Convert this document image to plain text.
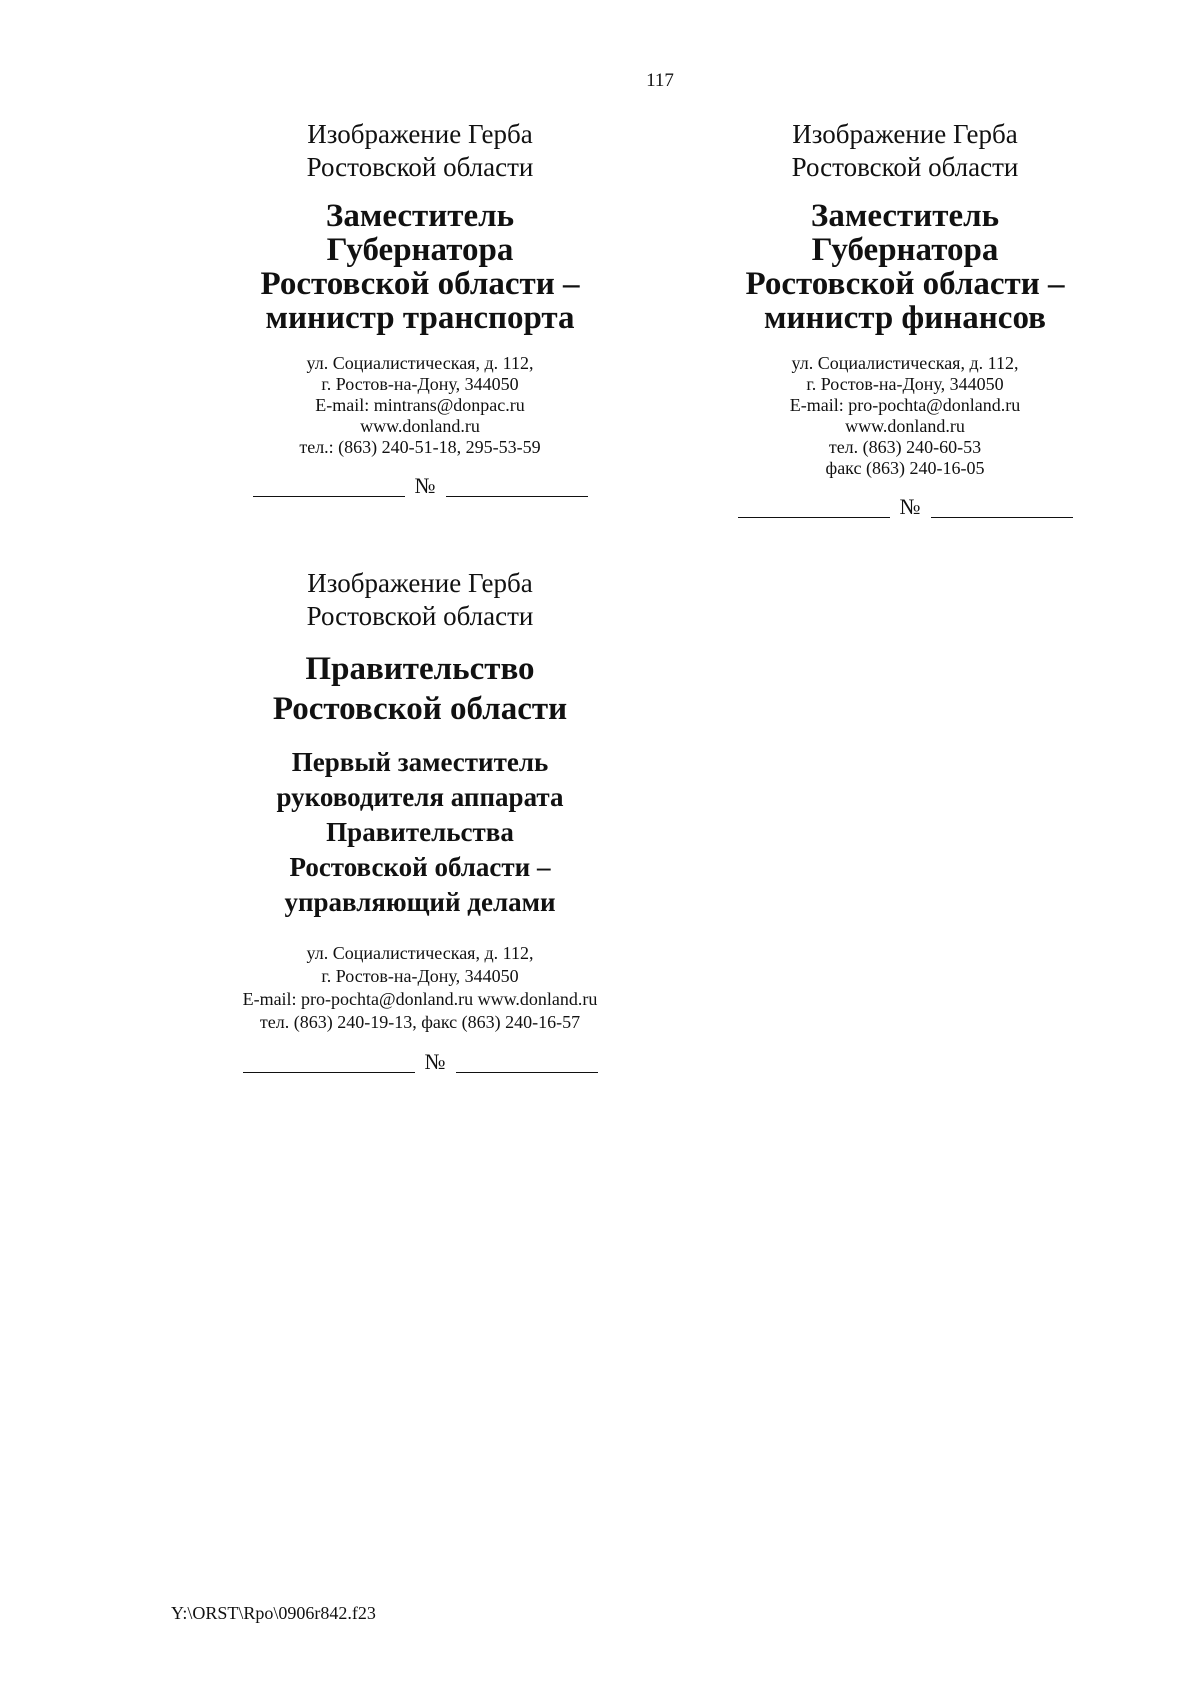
117
Изображение Герба
Ростовской области
Заместитель
Губернатора
Ростовской области –
министр транспорта
ул. Социалистическая, д. 112,
г. Ростов-на-Дону, 344050
E-mail: mintrans@donpac.ru
www.donland.ru
тел.: (863) 240-51-18, 295-53-59
№
Изображение Герба
Ростовской области
Заместитель
Губернатора
Ростовской области –
министр финансов
ул. Социалистическая, д. 112,
г. Ростов-на-Дону, 344050
E-mail: pro-pochta@donland.ru
www.donland.ru
тел. (863) 240-60-53
факс (863) 240-16-05
№
Изображение Герба
Ростовской области
Правительство
Ростовской области
Первый заместитель
руководителя аппарата
Правительства
Ростовской области –
управляющий делами
ул. Социалистическая, д. 112,
г. Ростов-на-Дону, 344050
E-mail: pro-pochta@donland.ru www.donland.ru
тел. (863) 240-19-13, факс (863) 240-16-57
№
Y:\ORST\Rpo\0906r842.f23
